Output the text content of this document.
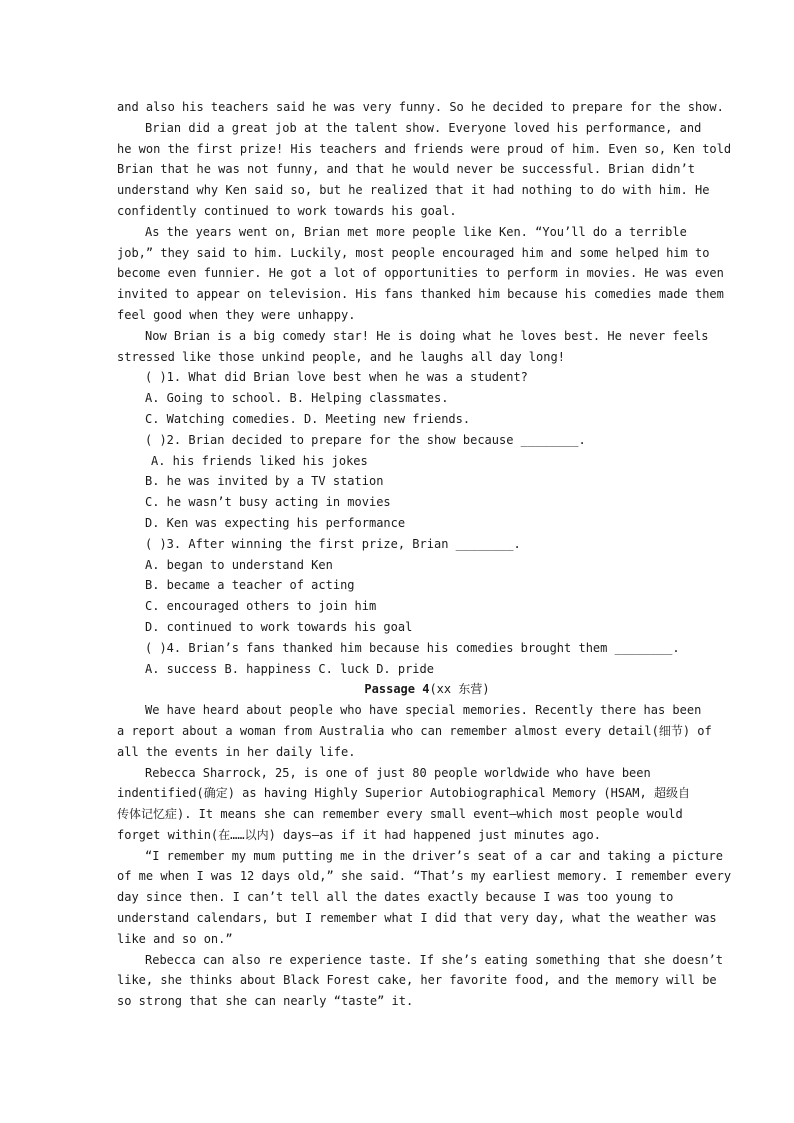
and also his teachers said he was very funny. So he decided to prepare for the show.
Brian did a great job at the talent show. Everyone loved his performance, and
he won the first prize! His teachers and friends were proud of him. Even so, Ken told
Brian that he was not funny, and that he would never be successful. Brian didn’t
understand why Ken said so, but he realized that it had nothing to do with him. He
confidently continued to work towards his goal.
As the years went on, Brian met more people like Ken. “You’ll do a terrible
job,” they said to him. Luckily, most people encouraged him and some helped him to
become even funnier. He got a lot of opportunities to perform in movies. He was even
invited to appear on television. His fans thanked him because his comedies made them
feel good when they were unhappy.
Now Brian is a big comedy star! He is doing what he loves best. He never feels
stressed like those unkind people, and he laughs all day long!
( )1. What did Brian love best when he was a student?
A. Going to school. B. Helping classmates.
C. Watching comedies. D. Meeting new friends.
( )2. Brian decided to prepare for the show because ________.
A. his friends liked his jokes
B. he was invited by a TV station
C. he wasn’t busy acting in movies
D. Ken was expecting his performance
( )3. After winning the first prize, Brian ________.
A. began to understand Ken
B. became a teacher of acting
C. encouraged others to join him
D. continued to work towards his goal
( )4. Brian’s fans thanked him because his comedies brought them ________.
A. success B. happiness C. luck D. pride
Passage 4(xx 东营)
We have heard about people who have special memories. Recently there has been
a report about a woman from Australia who can remember almost every detail(细节) of
all the events in her daily life.
Rebecca Sharrock, 25, is one of just 80 people worldwide who have been
indentified(确定) as having Highly Superior Autobiographical Memory (HSAM, 超级自
传体记忆症). It means she can remember every small event—which most people would
forget within(在……以内) days—as if it had happened just minutes ago.
“I remember my mum putting me in the driver’s seat of a car and taking a picture
of me when I was 12 days old,” she said. “That’s my earliest memory. I remember every
day since then. I can’t tell all the dates exactly because I was too young to
understand calendars, but I remember what I did that very day, what the weather was
like and so on.”
Rebecca can also re experience taste. If she’s eating something that she doesn’t
like, she thinks about Black Forest cake, her favorite food, and the memory will be
so strong that she can nearly “taste” it.
